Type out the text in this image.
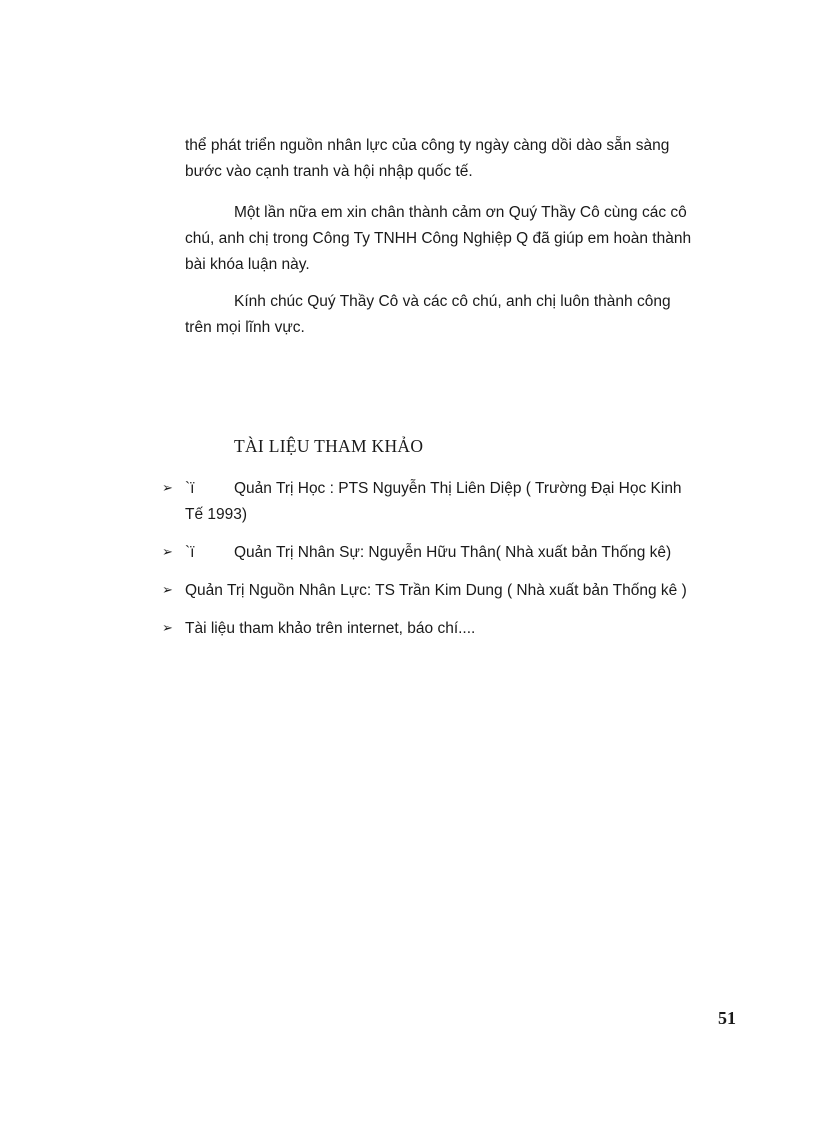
thể phát triển nguồn nhân lực của công ty ngày càng dồi dào sẵn sàng bước vào cạnh tranh và hội nhập quốc tế.

Một lần nữa em xin chân thành cảm ơn Quý Thầy Cô cùng các cô chú, anh chị trong Công Ty TNHH Công Nghiệp Q đã giúp em hoàn thành bài khóa luận này.

Kính chúc Quý Thầy Cô và các cô chú, anh chị luôn thành công trên mọi lĩnh vực.

TÀI LIỆU THAM KHẢO
➢ `ï	Quản Trị Học : PTS Nguyễn Thị Liên Diệp ( Trường Đại Học Kinh Tế 1993)
➢ `ï	Quản Trị Nhân Sự: Nguyễn Hữu Thân( Nhà xuất bản Thống kê)
➢ Quản Trị Nguồn Nhân Lực: TS Trần Kim Dung ( Nhà xuất bản Thống kê )
➢ Tài liệu tham khảo trên internet, báo chí....
51
